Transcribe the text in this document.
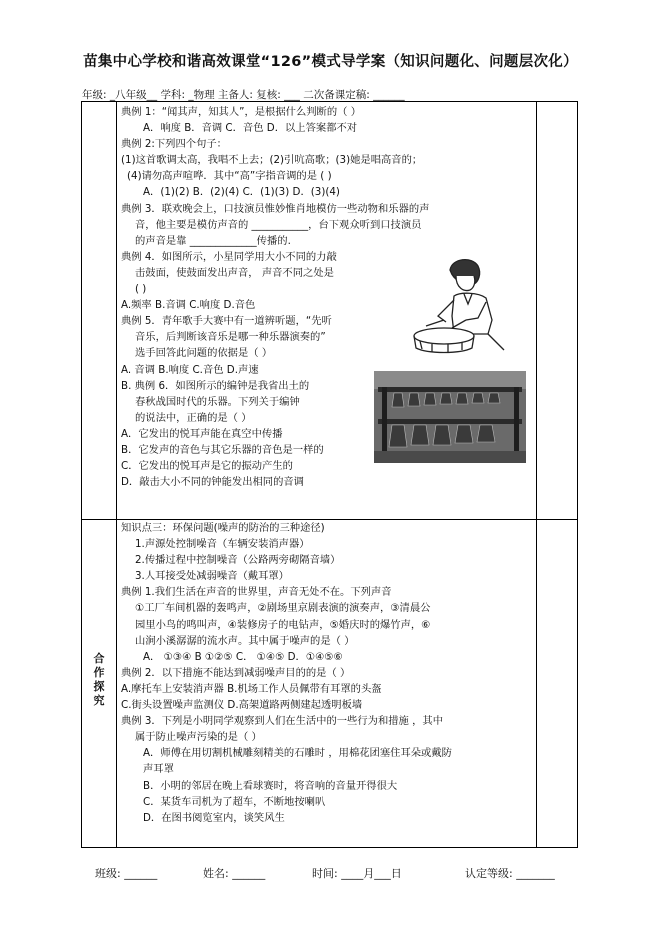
苗集中心学校和谐高效课堂“126”模式导学案（知识问题化、问题层次化）
年级: _八年级__ 学科: _物理 主备人: 复核: ___ 二次备课定稿: ______
合
作
探
究
典例 1：“闻其声，知其人”，是根据什么判断的（ ）
A．响度 B．音调 C．音色 D．以上答案都不对
典例 2:下列四个句子：
(1)这首歌调太高，我唱不上去；(2)引吭高歌；(3)她是唱高音的；
(4)请勿高声喧哗．其中“高”字指音调的是 ( )
A．(1)(2) B．(2)(4) C．(1)(3) D．(3)(4)
典例 3．联欢晚会上，口技演员惟妙惟肖地模仿一些动物和乐器的声
音，他主要是模仿声音的 ___________，台下观众听到口技演员
的声音是靠 _____________传播的.
典例 4．如图所示，小星同学用大小不同的力敲
击鼓面，使鼓面发出声音， 声音不同之处是
( )
A.频率 B.音调 C.响度 D.音色
典例 5．青年歌手大赛中有一道辨听题，“先听
音乐，后判断该音乐是哪一种乐器演奏的”
选手回答此问题的依据是（ ）
A. 音调 B.响度 C.音色 D.声速
B. 典例 6．如图所示的编钟是我省出土的
春秋战国时代的乐器。下列关于编钟
的说法中，正确的是（ ）
A．它发出的悦耳声能在真空中传播
B．它发声的音色与其它乐器的音色是一样的
C．它发出的悦耳声是它的振动产生的
D．敲击大小不同的钟能发出相同的音调
知识点三：环保问题(噪声的防治的三种途径)
1.声源处控制噪音（车辆安装消声器）
2.传播过程中控制噪音（公路两旁砌隔音墙）
3.人耳接受处减弱噪音（戴耳罩）
典例 1.我们生活在声音的世界里，声音无处不在。下列声音
①工厂车间机器的轰鸣声，②剧场里京剧表演的演奏声，③清晨公
园里小鸟的鸣叫声，④装修房子的电钻声，⑤婚庆时的爆竹声，⑥
山涧小溪潺潺的流水声。其中属于噪声的是（ ）
A． ①③④ B ①②⑤ C． ①④⑤ D．①④⑤⑥
典例 2．以下措施不能达到减弱噪声目的的是（ ）
A.摩托车上安装消声器 B.机场工作人员佩带有耳罩的头盔
C.街头设置噪声监测仪 D.高架道路两侧建起透明板墙
典例 3．下列是小明同学观察到人们在生活中的一些行为和措施 ，其中
属于防止噪声污染的是（ ）
A．师傅在用切割机械雕刻精美的石雕时 ，用棉花团塞住耳朵或戴防
声耳罩
B．小明的邻居在晚上看球赛时，将音响的音量开得很大
C．某货车司机为了超车，不断地按喇叭
D．在图书阅览室内，谈笑风生
班级: ______	姓名: ______	时间: ____月___日	认定等级: _______
